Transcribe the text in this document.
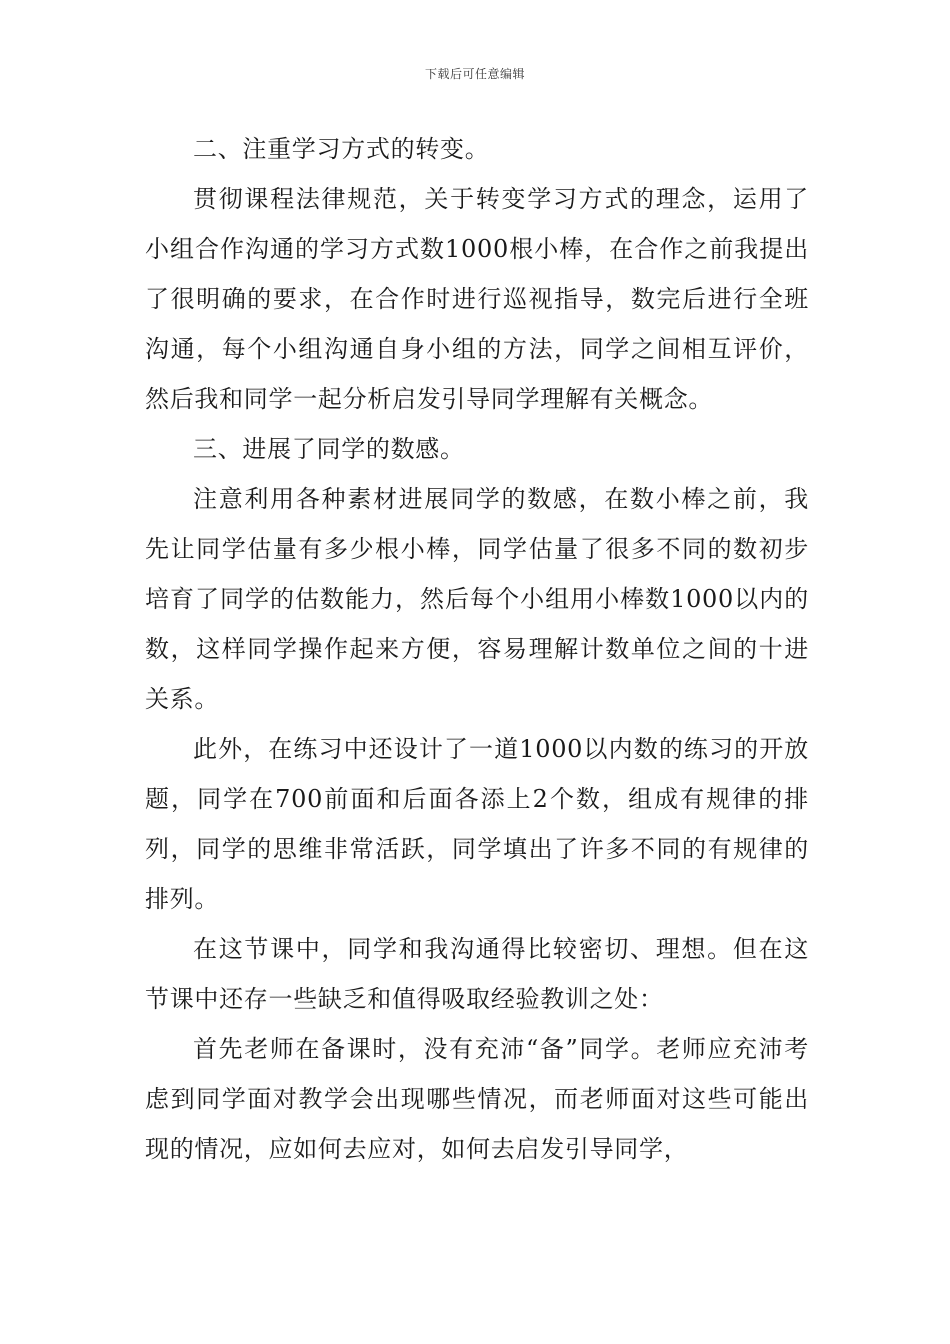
下载后可任意编辑

二、注重学习方式的转变。

贯彻课程法律规范，关于转变学习方式的理念，运用了小组合作沟通的学习方式数1000根小棒，在合作之前我提出了很明确的要求，在合作时进行巡视指导，数完后进行全班沟通，每个小组沟通自身小组的方法，同学之间相互评价，然后我和同学一起分析启发引导同学理解有关概念。

三、进展了同学的数感。

注意利用各种素材进展同学的数感，在数小棒之前，我先让同学估量有多少根小棒，同学估量了很多不同的数初步培育了同学的估数能力，然后每个小组用小棒数1000以内的数，这样同学操作起来方便，容易理解计数单位之间的十进关系。

此外，在练习中还设计了一道1000以内数的练习的开放题，同学在700前面和后面各添上2个数，组成有规律的排列，同学的思维非常活跃，同学填出了许多不同的有规律的排列。

在这节课中，同学和我沟通得比较密切、理想。但在这节课中还存一些缺乏和值得吸取经验教训之处：

首先老师在备课时，没有充沛“备”同学。老师应充沛考虑到同学面对教学会出现哪些情况，而老师面对这些可能出现的情况，应如何去应对，如何去启发引导同学，
